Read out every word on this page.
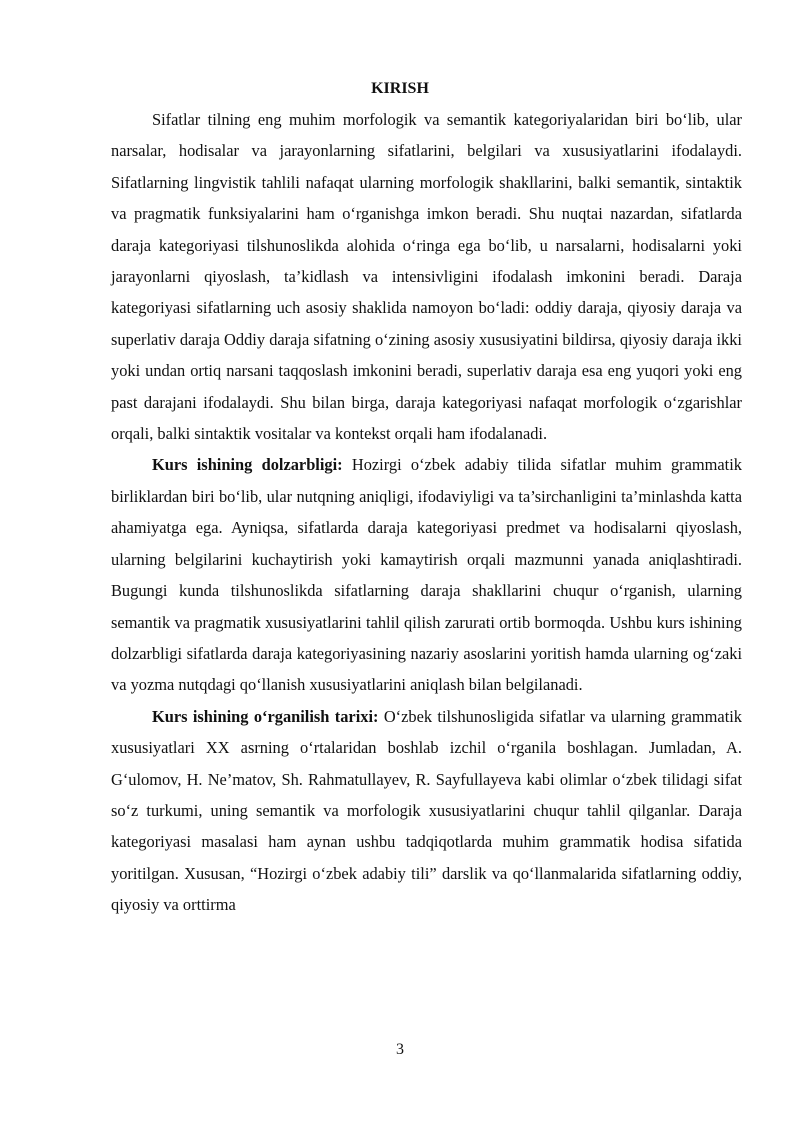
KIRISH

Sifatlar tilning eng muhim morfologik va semantik kategoriyalaridan biri bo‘lib, ular narsalar, hodisalar va jarayonlarning sifatlarini, belgilari va xususiyatlarini ifodalaydi. Sifatlarning lingvistik tahlili nafaqat ularning morfologik shakllarini, balki semantik, sintaktik va pragmatik funksiyalarini ham o‘rganishga imkon beradi. Shu nuqtai nazardan, sifatlarda daraja kategoriyasi tilshunoslikda alohida o‘ringa ega bo‘lib, u narsalarni, hodisalarni yoki jarayonlarni qiyoslash, ta’kidlash va intensivligini ifodalash imkonini beradi. Daraja kategoriyasi sifatlarning uch asosiy shaklida namoyon bo‘ladi: oddiy daraja, qiyosiy daraja va superlativ daraja Oddiy daraja sifatning o‘zining asosiy xususiyatini bildirsa, qiyosiy daraja ikki yoki undan ortiq narsani taqqoslash imkonini beradi, superlativ daraja esa eng yuqori yoki eng past darajani ifodalaydi. Shu bilan birga, daraja kategoriyasi nafaqat morfologik o‘zgarishlar orqali, balki sintaktik vositalar va kontekst orqali ham ifodalanadi.

Kurs ishining dolzarbligi: Hozirgi o‘zbek adabiy tilida sifatlar muhim grammatik birliklardan biri bo‘lib, ular nutqning aniqligi, ifodaviyligi va ta’sirchanligini ta’minlashda katta ahamiyatga ega. Ayniqsa, sifatlarda daraja kategoriyasi predmet va hodisalarni qiyoslash, ularning belgilarini kuchaytirish yoki kamaytirish orqali mazmunni yanada aniqlashtiradi. Bugungi kunda tilshunoslikda sifatlarning daraja shakllarini chuqur o‘rganish, ularning semantik va pragmatik xususiyatlarini tahlil qilish zarurati ortib bormoqda. Ushbu kurs ishining dolzarbligi sifatlarda daraja kategoriyasining nazariy asoslarini yoritish hamda ularning og‘zaki va yozma nutqdagi qo‘llanish xususiyatlarini aniqlash bilan belgilanadi.

Kurs ishining o‘rganilish tarixi: O‘zbek tilshunosligida sifatlar va ularning grammatik xususiyatlari XX asrning o‘rtalaridan boshlab izchil o‘rganila boshlagan. Jumladan, A. G‘ulomov, H. Ne’matov, Sh. Rahmatullayev, R. Sayfullayeva kabi olimlar o‘zbek tilidagi sifat so‘z turkumi, uning semantik va morfologik xususiyatlarini chuqur tahlil qilganlar. Daraja kategoriyasi masalasi ham aynan ushbu tadqiqotlarda muhim grammatik hodisa sifatida yoritilgan. Xususan, “Hozirgi o‘zbek adabiy tili” darslik va qo‘llanmalarida sifatlarning oddiy, qiyosiy va orttirma

3
